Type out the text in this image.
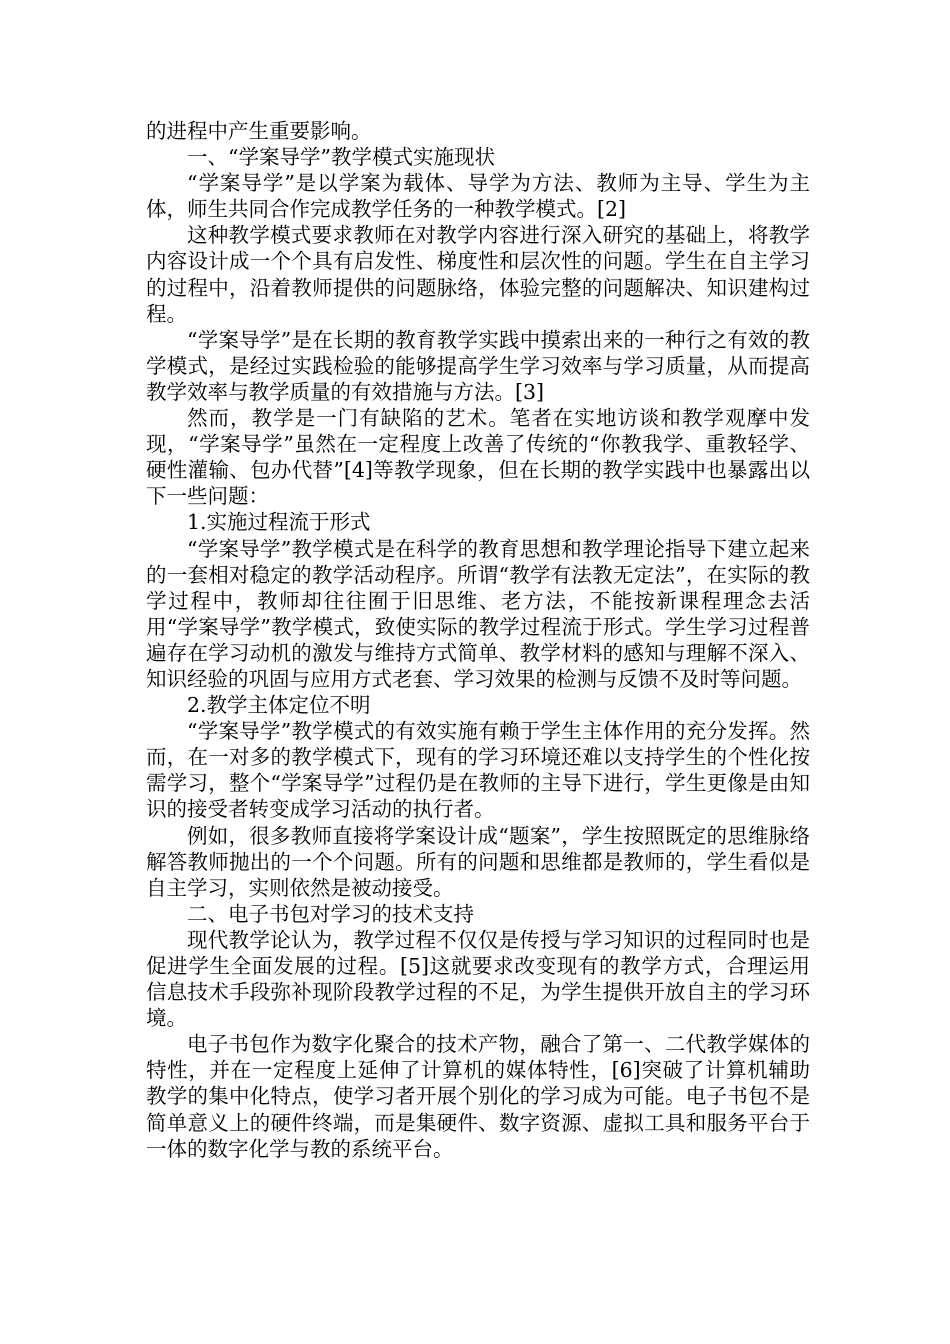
的进程中产生重要影响。

一、“学案导学”教学模式实施现状

“学案导学”是以学案为载体、导学为方法、教师为主导、学生为主体，师生共同合作完成教学任务的一种教学模式。[2]

这种教学模式要求教师在对教学内容进行深入研究的基础上，将教学内容设计成一个个具有启发性、梯度性和层次性的问题。学生在自主学习的过程中，沿着教师提供的问题脉络，体验完整的问题解决、知识建构过程。

“学案导学”是在长期的教育教学实践中摸索出来的一种行之有效的教学模式，是经过实践检验的能够提高学生学习效率与学习质量，从而提高教学效率与教学质量的有效措施与方法。[3]

然而，教学是一门有缺陷的艺术。笔者在实地访谈和教学观摩中发现，“学案导学”虽然在一定程度上改善了传统的“你教我学、重教轻学、硬性灌输、包办代替”[4]等教学现象，但在长期的教学实践中也暴露出以下一些问题：

1.实施过程流于形式

“学案导学”教学模式是在科学的教育思想和教学理论指导下建立起来的一套相对稳定的教学活动程序。所谓“教学有法教无定法”，在实际的教学过程中，教师却往往囿于旧思维、老方法，不能按新课程理念去活用“学案导学”教学模式，致使实际的教学过程流于形式。学生学习过程普遍存在学习动机的激发与维持方式简单、教学材料的感知与理解不深入、知识经验的巩固与应用方式老套、学习效果的检测与反馈不及时等问题。

2.教学主体定位不明

“学案导学”教学模式的有效实施有赖于学生主体作用的充分发挥。然而，在一对多的教学模式下，现有的学习环境还难以支持学生的个性化按需学习，整个“学案导学”过程仍是在教师的主导下进行，学生更像是由知识的接受者转变成学习活动的执行者。

例如，很多教师直接将学案设计成“题案”，学生按照既定的思维脉络解答教师抛出的一个个问题。所有的问题和思维都是教师的，学生看似是自主学习，实则依然是被动接受。

二、电子书包对学习的技术支持

现代教学论认为，教学过程不仅仅是传授与学习知识的过程同时也是促进学生全面发展的过程。[5]这就要求改变现有的教学方式，合理运用信息技术手段弥补现阶段教学过程的不足，为学生提供开放自主的学习环境。

电子书包作为数字化聚合的技术产物，融合了第一、二代教学媒体的特性，并在一定程度上延伸了计算机的媒体特性，[6]突破了计算机辅助教学的集中化特点，使学习者开展个别化的学习成为可能。电子书包不是简单意义上的硬件终端，而是集硬件、数字资源、虚拟工具和服务平台于一体的数字化学与教的系统平台。
